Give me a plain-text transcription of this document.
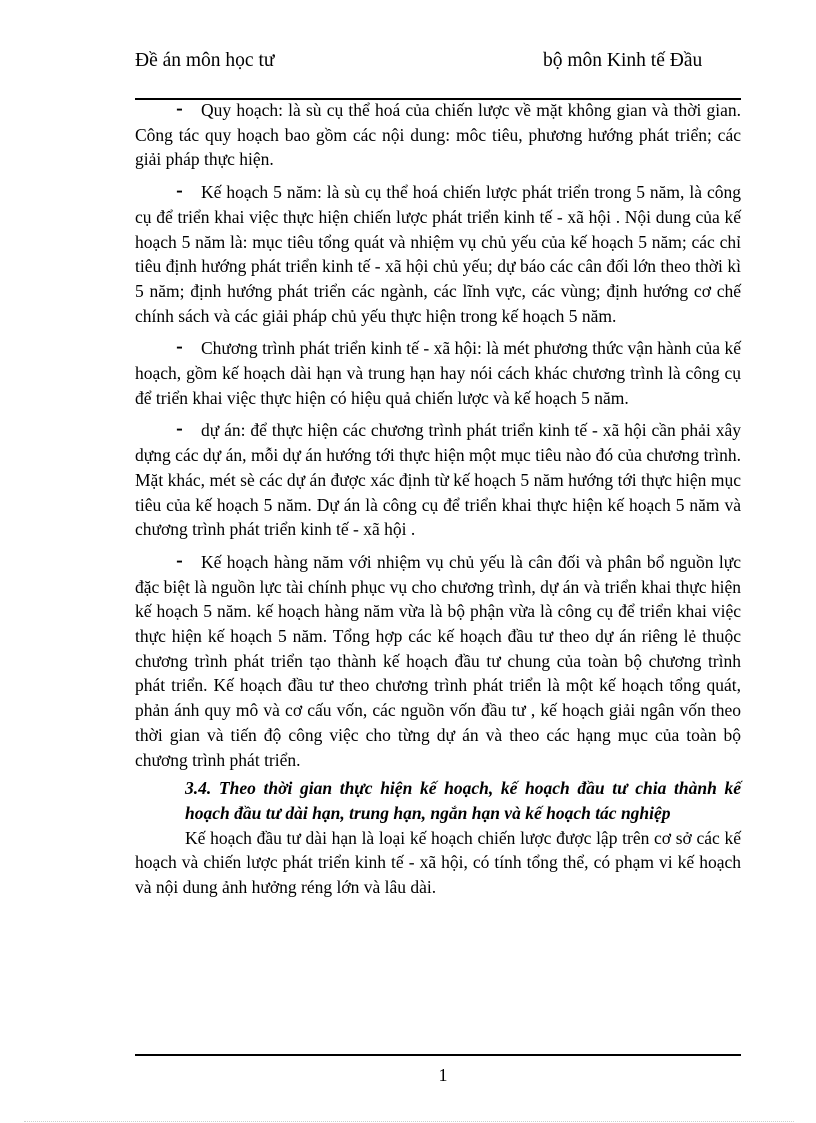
Đề án môn học tư	bộ môn Kinh tế Đầu

⁃ Quy hoạch: là sù cụ thể hoá của chiến lược về mặt không gian và thời gian. Công tác quy hoạch bao gồm các nội dung: môc tiêu, phương hướng phát triển; các giải pháp thực hiện.

⁃ Kế hoạch 5 năm: là sù cụ thể hoá chiến lược phát triển trong 5 năm, là công cụ để triển khai việc thực hiện chiến lược phát triển kinh tế - xã hội . Nội dung của kế hoạch 5 năm là: mục tiêu tổng quát và nhiệm vụ chủ yếu của kế hoạch 5 năm; các chỉ tiêu định hướng phát triển kinh tế - xã hội chủ yếu; dự báo các cân đối lớn theo thời kì 5 năm; định hướng phát triển các ngành, các lĩnh vực, các vùng; định hướng cơ chế chính sách và các giải pháp chủ yếu thực hiện trong kế hoạch 5 năm.

⁃ Chương trình phát triển kinh tế - xã hội: là mét phương thức vận hành của kế hoạch, gồm kế hoạch dài hạn và trung hạn hay nói cách khác chương trình là công cụ để triển khai việc thực hiện có hiệu quả chiến lược và kế hoạch 5 năm.

⁃ dự án: để thực hiện các chương trình phát triển kinh tế - xã hội cần phải xây dựng các dự án, mỗi dự án hướng tới thực hiện một mục tiêu nào đó của chương trình. Mặt khác, mét sè các dự án được xác định từ kế hoạch 5 năm hướng tới thực hiện mục tiêu của kế hoạch 5 năm. Dự án là công cụ để triển khai thực hiện kế hoạch 5 năm và chương trình phát triển kinh tế - xã hội .

⁃ Kế hoạch hàng năm với nhiệm vụ chủ yếu là cân đối và phân bổ nguồn lực đặc biệt là nguồn lực tài chính phục vụ cho chương trình, dự án và triển khai thực hiện kế hoạch 5 năm. kế hoạch hàng năm vừa là bộ phận vừa là công cụ để triển khai việc thực hiện kế hoạch 5 năm. Tổng hợp các kế hoạch đầu tư theo dự án riêng lẻ thuộc chương trình phát triển tạo thành kế hoạch đầu tư chung của toàn bộ chương trình phát triển. Kế hoạch đầu tư theo chương trình phát triển là một kế hoạch tổng quát, phản ánh quy mô và cơ cấu vốn, các nguồn vốn đầu tư , kế hoạch giải ngân vốn theo thời gian và tiến độ công việc cho từng dự án và theo các hạng mục của toàn bộ chương trình phát triển.

3.4. Theo thời gian thực hiện kế hoạch, kế hoạch đầu tư chia thành kế hoạch đầu tư dài hạn, trung hạn, ngắn hạn và kế hoạch tác nghiệp

Kế hoạch đầu tư dài hạn là loại kế hoạch chiến lược được lập trên cơ sở các kế hoạch và chiến lược phát triển kinh tế - xã hội, có tính tổng thể, có phạm vi kế hoạch và nội dung ảnh hưởng réng lớn và lâu dài.

1
